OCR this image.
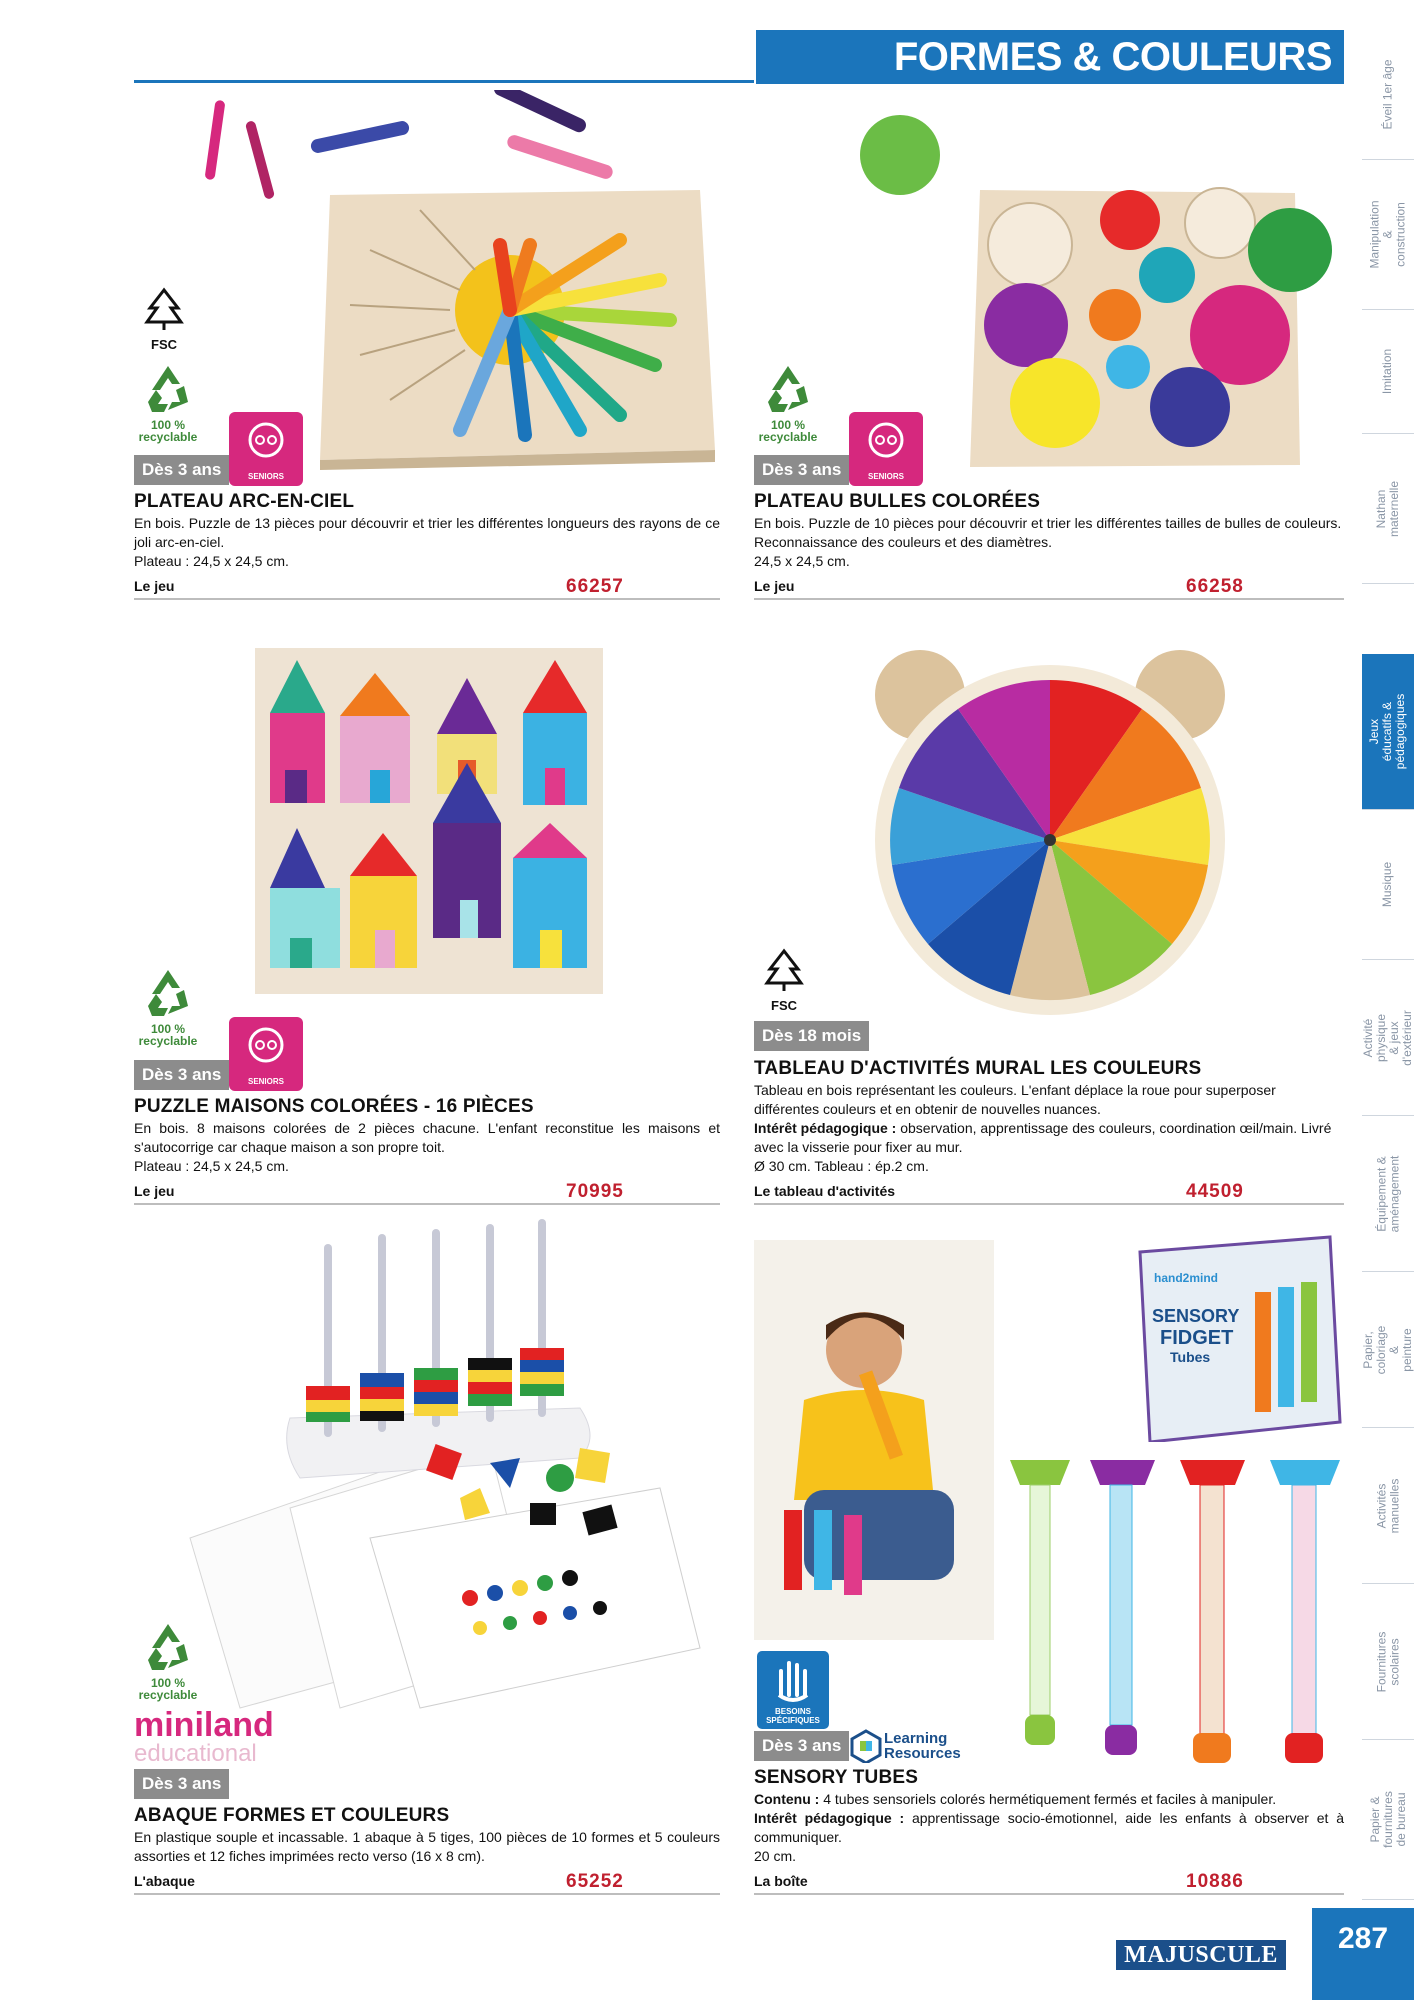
FORMES & COULEURS
Éveil 1er âge
Manipulation & construction
Imitation
Nathan maternelle
Jeux éducatifs & pédagogiques
Musique
Activité physique & jeux d'extérieur
Équipement & aménagement
Papier, coloriage & peinture
Activités manuelles
Fournitures scolaires
Papier & fournitures de bureau
FSC
100 %
recyclable
SENIORS
Dès 3 ans
PLATEAU ARC-EN-CIEL
En bois. Puzzle de 13 pièces pour découvrir et trier les différentes longueurs des rayons de ce joli arc-en-ciel.
Plateau : 24,5 x 24,5 cm.
Le jeu	66257
100 %
recyclable
SENIORS
Dès 3 ans
PLATEAU BULLES COLORÉES
En bois. Puzzle de 10 pièces pour découvrir et trier les différentes tailles de bulles de couleurs. Reconnaissance des couleurs et des diamètres.
24,5 x 24,5 cm.
Le jeu	66258
100 %
recyclable
SENIORS
Dès 3 ans
PUZZLE MAISONS COLORÉES - 16 PIÈCES
En bois. 8 maisons colorées de 2 pièces chacune. L'enfant reconstitue les maisons et s'autocorrige car chaque maison a son propre toit.
Plateau : 24,5 x 24,5 cm.
Le jeu	70995
FSC
Dès 18 mois
TABLEAU D'ACTIVITÉS MURAL LES COULEURS
Tableau en bois représentant les couleurs. L'enfant déplace la roue pour superposer différentes couleurs et en obtenir de nouvelles nuances.
Intérêt pédagogique : observation, apprentissage des couleurs, coordination œil/main. Livré avec la visserie pour fixer au mur.
Ø 30 cm. Tableau : ép.2 cm.
Le tableau d'activités	44509
100 %
recyclable
miniland
educational
Dès 3 ans
ABAQUE FORMES ET COULEURS
En plastique souple et incassable. 1 abaque à 5 tiges, 100 pièces de 10 formes et 5 couleurs assorties et 12 fiches imprimées recto verso (16 x 8 cm).
L'abaque	65252
hand2mind
SENSORY
FIDGET
Tubes
BESOINS
SPÉCIFIQUES
Dès 3 ans	Learning
Resources
SENSORY TUBES
Contenu : 4 tubes sensoriels colorés hermétiquement fermés et faciles à manipuler.
Intérêt pédagogique : apprentissage socio-émotionnel, aide les enfants à observer et à communiquer.
20 cm.
La boîte	10886
MAJUSCULE	287
